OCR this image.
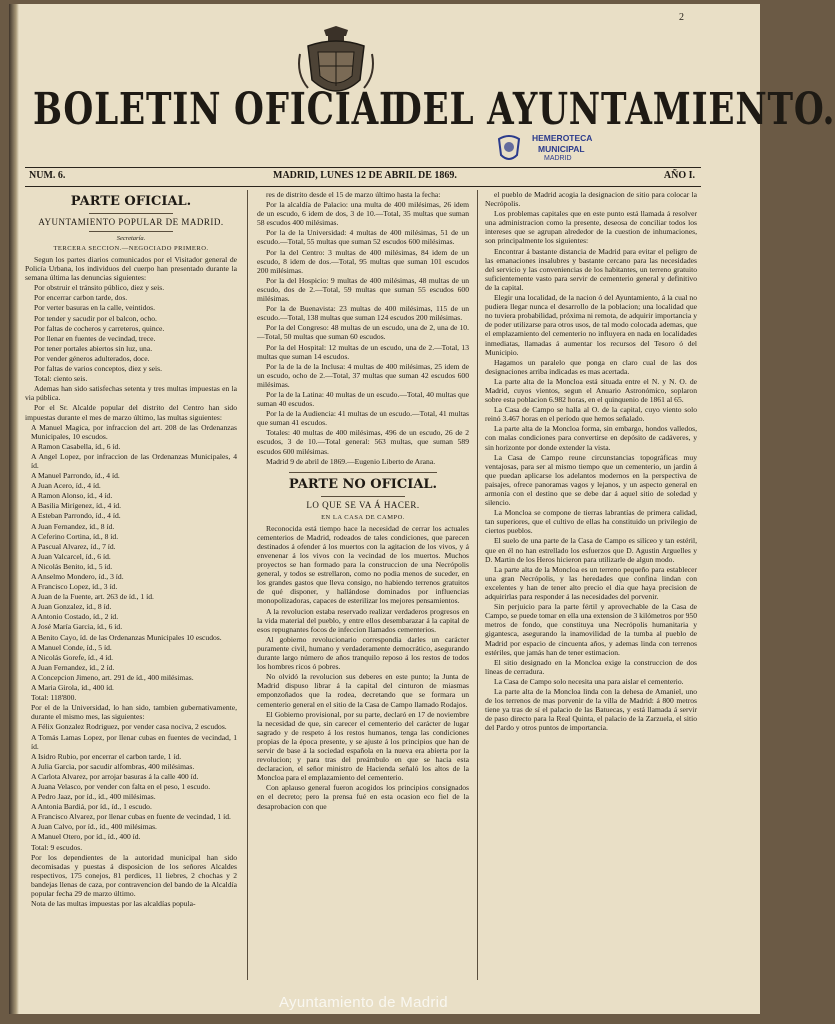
2
BOLETIN OFICIAL
DEL AYUNTAMIENTO.
HEMEROTECA
MUNICIPAL
MADRID
NUM. 6.	MADRID, LUNES 12 DE ABRIL DE 1869.	AÑO I.
PARTE OFICIAL.
AYUNTAMIENTO POPULAR DE MADRID.
Secretaría.
TERCERA SECCION.—NEGOCIADO PRIMERO.

Segun los partes diarios comunicados por el Visitador general de Policía Urbana, los individuos del cuerpo han presentado durante la semana última las denuncias siguientes:

Por obstruir el tránsito público, diez y seis.

Por encerrar carbon tarde, dos.

Por verter basuras en la calle, veintidos.

Por tender y sacudir por el balcon, ocho.

Por faltas de cocheros y carreteros, quince.

Por llenar en fuentes de vecindad, trece.

Por tener portales abiertos sin luz, una.

Por vender géneros adulterados, doce.

Por faltas de varios conceptos, diez y seis.

Total: ciento seis.

Ademas han sido satisfechas setenta y tres multas impuestas en la via pública.

Por el Sr. Alcalde popular del distrito del Centro han sido impuestas durante el mes de marzo último, las multas siguientes:

A Manuel Magica, por infraccion del art. 208 de las Ordenanzas Municipales, 10 escudos.

A Ramon Casabella, íd., 6 íd.

A Angel Lopez, por infraccion de las Ordenanzas Municipales, 4 íd.

A Manuel Parrondo, íd., 4 íd.

A Juan Acero, íd., 4 íd.

A Ramon Alonso, íd., 4 íd.

A Basilia Mirígenez, íd., 4 íd.

A Esteban Parrondo, íd., 4 íd.

A Juan Fernandez, íd., 8 íd.

A Ceferino Cortina, íd., 8 íd.

A Pascual Alvarez, íd., 7 íd.

A Juan Valcarcel, íd., 6 íd.

A Nicolás Benito, íd., 5 íd.

A Anselmo Mondero, íd., 3 íd.

A Francisco Lopez, íd., 3 íd.

A Juan de la Fuente, art. 263 de íd., 1 íd.

A Juan Gonzalez, íd., 8 íd.

A Antonio Costado, íd., 2 íd.

A José María Garcia, íd., 6 íd.

A Benito Cayo, íd. de las Ordenanzas Municipales 10 escudos.

A Manuel Conde, íd., 5 íd.

A Nicolás Gorefe, íd., 4 íd.

A Juan Fernandez, íd., 2 íd.

A Concepcion Jimeno, art. 291 de íd., 400 milésimas.

A Maria Girola, íd., 400 íd.

Total: 118'800.

Por el de la Universidad, lo han sido, tambien gubernativamente, durante el mismo mes, las siguientes:

A Félix Gonzalez Rodriguez, por vender casa nociva, 2 escudos.

A Tomás Lamas Lopez, por llenar cubas en fuentes de vecindad, 1 íd.

A Isidro Rubio, por encerrar el carbon tarde, 1 íd.

A Julia Garcia, por sacudir alfombras, 400 milésimas.

A Carlota Alvarez, por arrojar basuras á la calle 400 íd.

A Juana Velasco, por vender con falta en el peso, 1 escudo.

A Pedro Jaaz, por íd., íd., 400 milésimas.

A Antonia Bardiá, por íd., íd., 1 escudo.

A Francisco Alvarez, por llenar cubas en fuente de vecindad, 1 íd.

A Juan Calvo, por íd., íd., 400 milésimas.

A Manuel Otero, por íd., íd., 400 íd.

Total: 9 escudos.

Por los dependientes de la autoridad municipal han sido decomisadas y puestas á disposicion de los señores Alcaldes respectivos, 175 conejos, 81 perdices, 11 liebres, 2 chochas y 2 bandejas llenas de caza, por contravencion del bando de la Alcaldía popular fecha 29 de marzo último.

Nota de las multas impuestas por las alcaldías popula-

res de distrito desde el 15 de marzo último hasta la fecha:

Por la alcaldía de Palacio: una multa de 400 milésimas, 26 idem de un escudo, 6 idem de dos, 3 de 10.—Total, 35 multas que suman 58 escudos 400 milésimas.

Por la de la Universidad: 4 multas de 400 milésimas, 51 de un escudo.—Total, 55 multas que suman 52 escudos 600 milésimas.

Por la del Centro: 3 multas de 400 milésimas, 84 idem de un escudo, 8 idem de dos.—Total, 95 multas que suman 101 escudos 200 milésimas.

Por la del Hospicio: 9 multas de 400 milésimas, 48 multas de un escudo, dos de 2.—Total, 59 multas que suman 55 escudos 600 milésimas.

Por la de Buenavista: 23 multas de 400 milésimas, 115 de un escudo.—Total, 138 multas que suman 124 escudos 200 milésimas.

Por la del Congreso: 48 multas de un escudo, una de 2, una de 10.—Total, 50 multas que suman 60 escudos.

Por la del Hospital: 12 multas de un escudo, una de 2.—Total, 13 multas que suman 14 escudos.

Por la de la de la Inclusa: 4 multas de 400 milésimas, 25 idem de un escudo, ocho de 2.—Total, 37 multas que suman 42 escudos 600 milésimas.

Por la de la Latina: 40 multas de un escudo.—Total, 40 multas que suman 40 escudos.

Por la de la Audiencia: 41 multas de un escudo.—Total, 41 multas que suman 41 escudos.

Totales: 40 multas de 400 milésimas, 496 de un escudo, 26 de 2 escudos, 3 de 10.—Total general: 563 multas, que suman 589 escudos 600 milésimas.

Madrid 9 de abril de 1869.—Eugenio Liberto de Arana.

PARTE NO OFICIAL.
LO QUE SE VA Á HACER.
EN LA CASA DE CAMPO.

Reconocida está tiempo hace la necesidad de cerrar los actuales cementerios de Madrid, rodeados de tales condiciones, que parecen destinados á ofender á los muertos con la agitacion de los vivos, y á envenenar á los vivos con la vecindad de los muertos. Muchos proyectos se han formado para la construccion de una Necrópolis general, y todos se estrellaron, como no podia menos de suceder, en los grandes gastos que lleva consigo, no habiendo terrenos gratuitos de qué disponer, y hallándose dominados por influencias monopolizadoras, capaces de esterilizar los mejores pensamientos.

A la revolucion estaba reservado realizar verdaderos progresos en la vida material del pueblo, y entre ellos desembarazar á la capital de esos repugnantes focos de infeccion llamados cementerios.

Al gobierno revolucionario correspondia darles un carácter puramente civil, humano y verdaderamente democrático, asegurando durante largo número de años tranquilo reposo á los restos de todos los hombres ricos ó pobres.

No olvidó la revolucion sus deberes en este punto; la Junta de Madrid dispuso librar á la capital del cinturon de miasmas emponzoñados que la rodea, decretando que se formara un cementerio general en el sitio de la Casa de Campo llamado Rodajos.

El Gobierno provisional, por su parte, declaró en 17 de noviembre la necesidad de que, sin carecer el cementerio del carácter de lugar sagrado y de respeto á los restos humanos, tenga las condiciones propias de la época presente, y se ajuste á los principios que han de servir de base á la sociedad española en la nueva era abierta por la revolucion; y para tras del preámbulo en que se hacia esta declaracion, el señor ministro de Hacienda señaló los altos de la Moncloa para el emplazamiento del cementerio.

Con aplauso general fueron acogidos los principios consignados en el decreto; pero la prensa fué en esta ocasion eco fiel de la desaprobacion con que

el pueblo de Madrid acogia la designacion de sitio para colocar la Necrópolis.

Los problemas capitales que en este punto está llamada á resolver una administracion como la presente, deseosa de conciliar todos los intereses que se agrupan alrededor de la cuestion de inhumaciones, son principalmente los siguientes:

Encontrar á bastante distancia de Madrid para evitar el peligro de las emanaciones insalubres y bastante cercano para las necesidades del servicio y las conveniencias de los habitantes, un terreno gratuito suficientemente vasto para servir de cementerio general y definitivo de la capital.

Elegir una localidad, de la nacion ó del Ayuntamiento, á la cual no pudiera llegar nunca el desarrollo de la poblacion; una localidad que no tuviera probabilidad, próxima ni remota, de adquirir importancia y de poder utilizarse para otros usos, de tal modo colocada ademas, que el emplazamiento del cementerio no influyera en nada en localidades inmediatas, llamadas á aumentar los recursos del Tesoro ó del Municipio.

Hagamos un paralelo que ponga en claro cual de las dos designaciones arriba indicadas es mas acertada.

La parte alta de la Moncloa está situada entre el N. y N. O. de Madrid, cuyos vientos, segun el Anuario Astronómico, soplaron sobre esta poblacion 6.982 horas, en el quinquenio de 1861 al 65.

La Casa de Campo se halla al O. de la capital, cuyo viento solo reinó 3.467 horas en el período que hemos señalado.

La parte alta de la Moncloa forma, sin embargo, hondos valledos, con malas condiciones para convertirse en depósito de cadáveres, y sin horizonte por donde extender la vista.

La Casa de Campo reune circunstancias topográficas muy ventajosas, para ser al mismo tiempo que un cementerio, un jardin á que puedan aplicarse los adelantos modernos en la perspectiva de paisajes, ofrece panoramas vagos y lejanos, y un aspecto general en armonía con el destino que se debe dar á aquel sitio de soledad y silencio.

La Moncloa se compone de tierras labrantías de primera calidad, tan superiores, que el cultivo de ellas ha constituido un privilegio de ciertos pueblos.

El suelo de una parte de la Casa de Campo es silíceo y tan estéril, que en él no han estrellado los esfuerzos que D. Agustin Arguelles y D. Martin de los Heros hicieron para utilizarle de algun modo.

La parte alta de la Moncloa es un terreno pequeño para establecer una gran Necrópolis, y las heredades que confina lindan con excelentes y han de tener alto precio el dia que haya precision de adquirirlas para responder á las necesidades del porvenir.

Sin perjuicio para la parte fértil y aprovechable de la Casa de Campo, se puede tomar en ella una extension de 3 kilómetros por 950 metros de fondo, que constituya una Necrópolis humanitaria y gigantesca, asegurando la inamovilidad de la tumba al pueblo de Madrid por espacio de cincuenta años, y ademas linda con terrenos estériles, que jamás han de tener estimacion.

El sitio designado en la Moncloa exige la construccion de dos líneas de cerradura.

La Casa de Campo solo necesita una para aislar el cementerio.

La parte alta de la Moncloa linda con la dehesa de Amaniel, uno de los terrenos de mas porvenir de la villa de Madrid: á 800 metros tiene ya tras de sí el palacio de las Batuecas, y está llamada á servir de paso directo para la Real Quinta, el palacio de la Zarzuela, el sitio del Pardo y otros puntos de importancia.

Ayuntamiento de Madrid
